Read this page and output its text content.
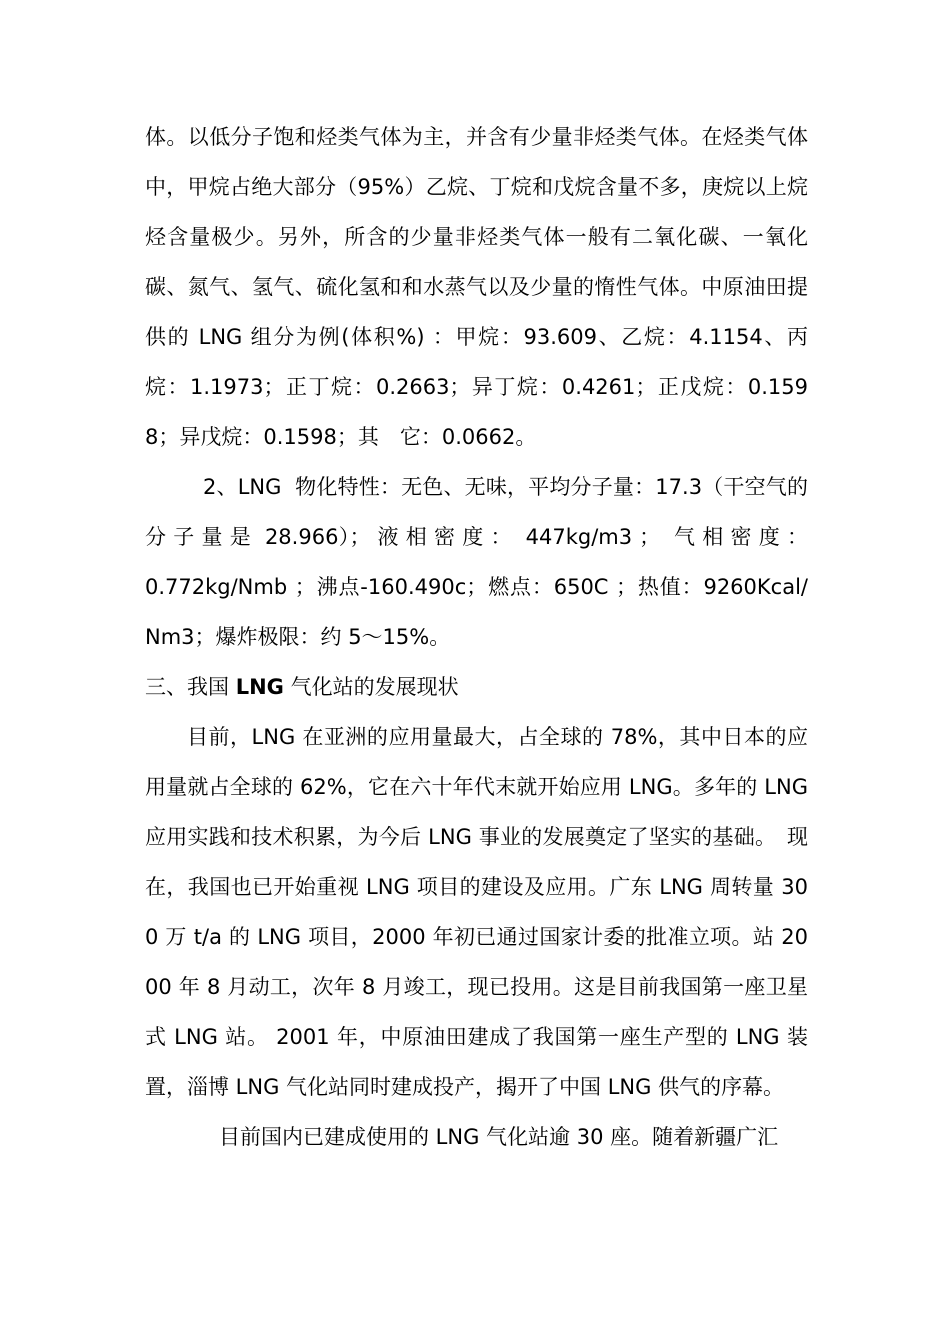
体。以低分子饱和烃类气体为主，并含有少量非烃类气体。在烃类气体中，甲烷占绝大部分（95%）乙烷、丁烷和戊烷含量不多，庚烷以上烷烃含量极少。另外，所含的少量非烃类气体一般有二氧化碳、一氧化碳、氮气、氢气、硫化氢和和水蒸气以及少量的惰性气体。中原油田提供的 LNG 组分为例(体积%) ：甲烷：93.609、乙烷：4.1154、丙烷：1.1973；正丁烷：0.2663；异丁烷：0.4261；正戊烷：0.1598；异戊烷：0.1598；其　它：0.0662。

2、LNG  物化特性：无色、无味，平均分子量：17.3（干空气的 分 子 量 是  28.966）； 液 相 密 度 ：  447kg/m3 ；  气 相 密 度 ：  0.772kg/Nmb ；沸点-160.490c；燃点：650C ；热值：9260Kcal/Nm3；爆炸极限：约 5～15%。

三、我国 LNG 气化站的发展现状

目前，LNG 在亚洲的应用量最大，占全球的 78%，其中日本的应用量就占全球的 62%，它在六十年代末就开始应用 LNG。多年的 LNG 应用实践和技术积累，为今后 LNG 事业的发展奠定了坚实的基础。　现在，我国也已开始重视 LNG 项目的建设及应用。广东 LNG 周转量 300 万 t/a 的 LNG 项目，2000 年初已通过国家计委的批准立项。站 2000 年 8 月动工，次年 8 月竣工，现已投用。这是目前我国第一座卫星式 LNG 站。 2001 年，中原油田建成了我国第一座生产型的 LNG 装置，淄博 LNG 气化站同时建成投产，揭开了中国 LNG 供气的序幕。

目前国内已建成使用的 LNG 气化站逾 30 座。随着新疆广汇
